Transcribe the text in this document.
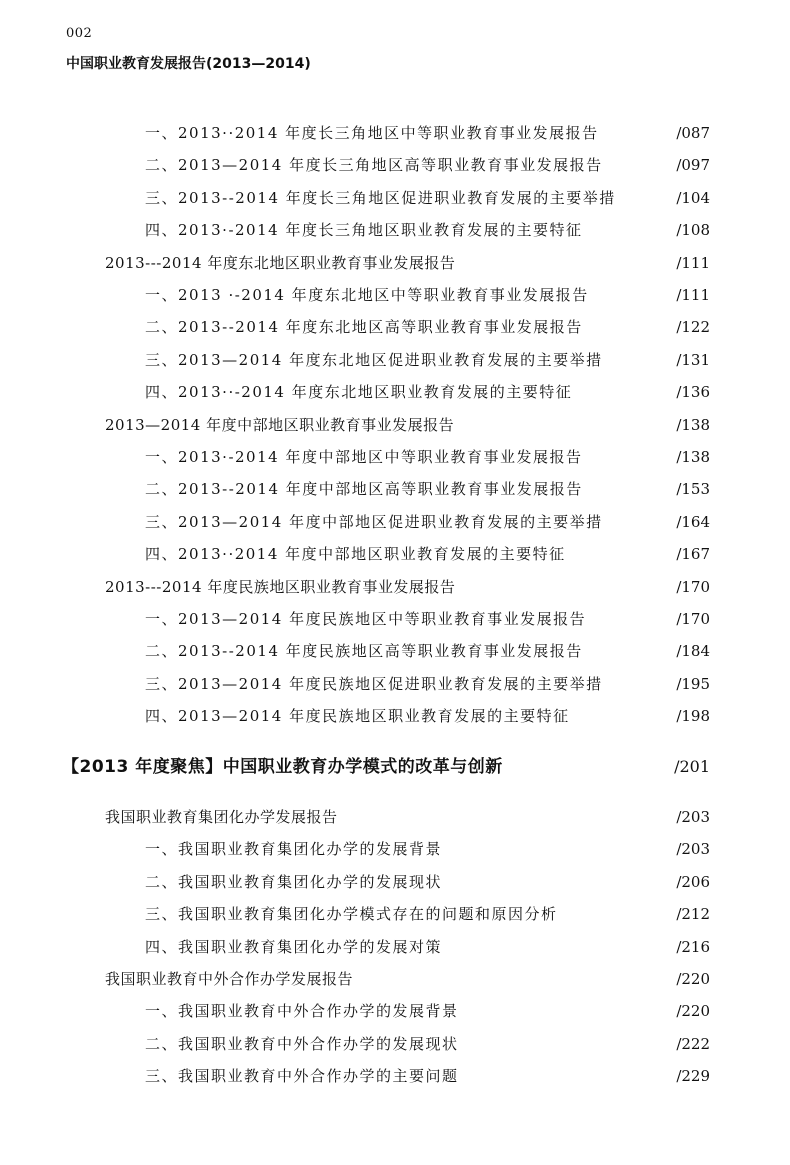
002
中国职业教育发展报告(2013—2014)
一、2013··2014 年度长三角地区中等职业教育事业发展报告	/087
二、2013—2014 年度长三角地区高等职业教育事业发展报告	/097
三、2013--2014 年度长三角地区促进职业教育发展的主要举措	/104
四、2013·-2014 年度长三角地区职业教育发展的主要特征	/108
2013---2014 年度东北地区职业教育事业发展报告	/111
一、2013 ·-2014 年度东北地区中等职业教育事业发展报告	/111
二、2013--2014 年度东北地区高等职业教育事业发展报告	/122
三、2013—2014 年度东北地区促进职业教育发展的主要举措	/131
四、2013··-2014 年度东北地区职业教育发展的主要特征	/136
2013—2014 年度中部地区职业教育事业发展报告	/138
一、2013·-2014 年度中部地区中等职业教育事业发展报告	/138
二、2013--2014 年度中部地区高等职业教育事业发展报告	/153
三、2013—2014 年度中部地区促进职业教育发展的主要举措	/164
四、2013··2014 年度中部地区职业教育发展的主要特征	/167
2013---2014 年度民族地区职业教育事业发展报告	/170
一、2013—2014 年度民族地区中等职业教育事业发展报告	/170
二、2013--2014 年度民族地区高等职业教育事业发展报告	/184
三、2013—2014 年度民族地区促进职业教育发展的主要举措	/195
四、2013—2014 年度民族地区职业教育发展的主要特征	/198
【2013 年度聚焦】中国职业教育办学模式的改革与创新	/201
我国职业教育集团化办学发展报告	/203
一、我国职业教育集团化办学的发展背景	/203
二、我国职业教育集团化办学的发展现状	/206
三、我国职业教育集团化办学模式存在的问题和原因分析	/212
四、我国职业教育集团化办学的发展对策	/216
我国职业教育中外合作办学发展报告	/220
一、我国职业教育中外合作办学的发展背景	/220
二、我国职业教育中外合作办学的发展现状	/222
三、我国职业教育中外合作办学的主要问题	/229
